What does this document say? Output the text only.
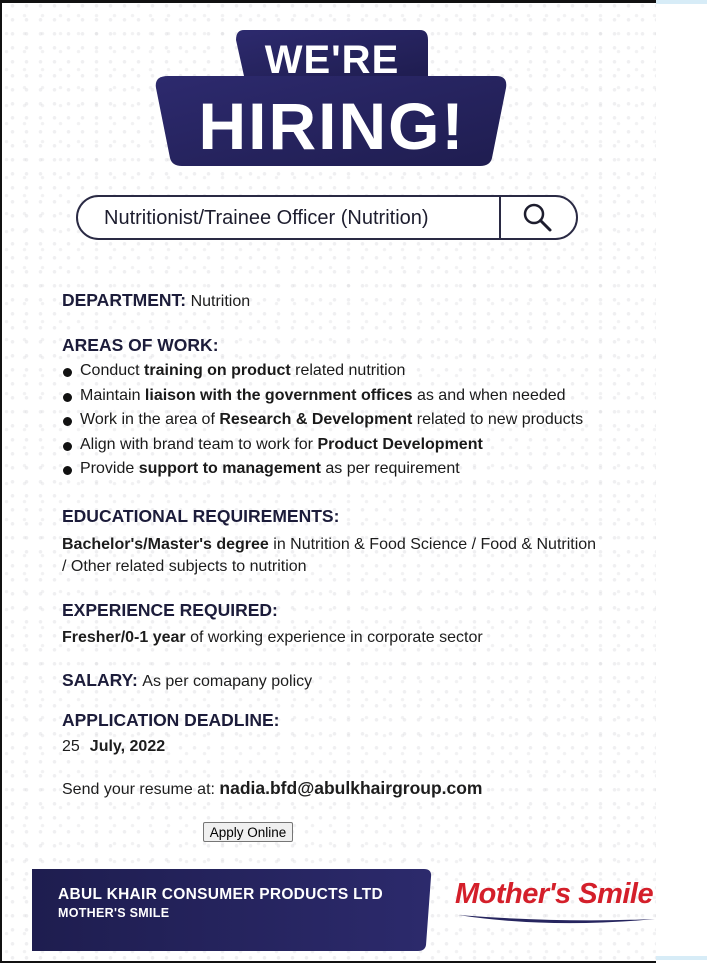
WE'RE
HIRING!
Nutritionist/Trainee Officer (Nutrition)
DEPARTMENT: Nutrition
AREAS OF WORK:
Conduct training on product related nutrition
Maintain liaison with the government offices as and when needed
Work in the area of Research & Development related to new products
Align with brand team to work for Product Development
Provide support to management as per requirement
EDUCATIONAL REQUIREMENTS:
Bachelor's/Master's degree in Nutrition & Food Science / Food & Nutrition
/ Other related subjects to nutrition
EXPERIENCE REQUIRED:
Fresher/0-1 year of working experience in corporate sector
SALARY: As per comapany policy
APPLICATION DEADLINE:
25 July, 2022
Send your resume at: nadia.bfd@abulkhairgroup.com
Apply Online
ABUL KHAIR CONSUMER PRODUCTS LTD
MOTHER'S SMILE
Mother's Smile
